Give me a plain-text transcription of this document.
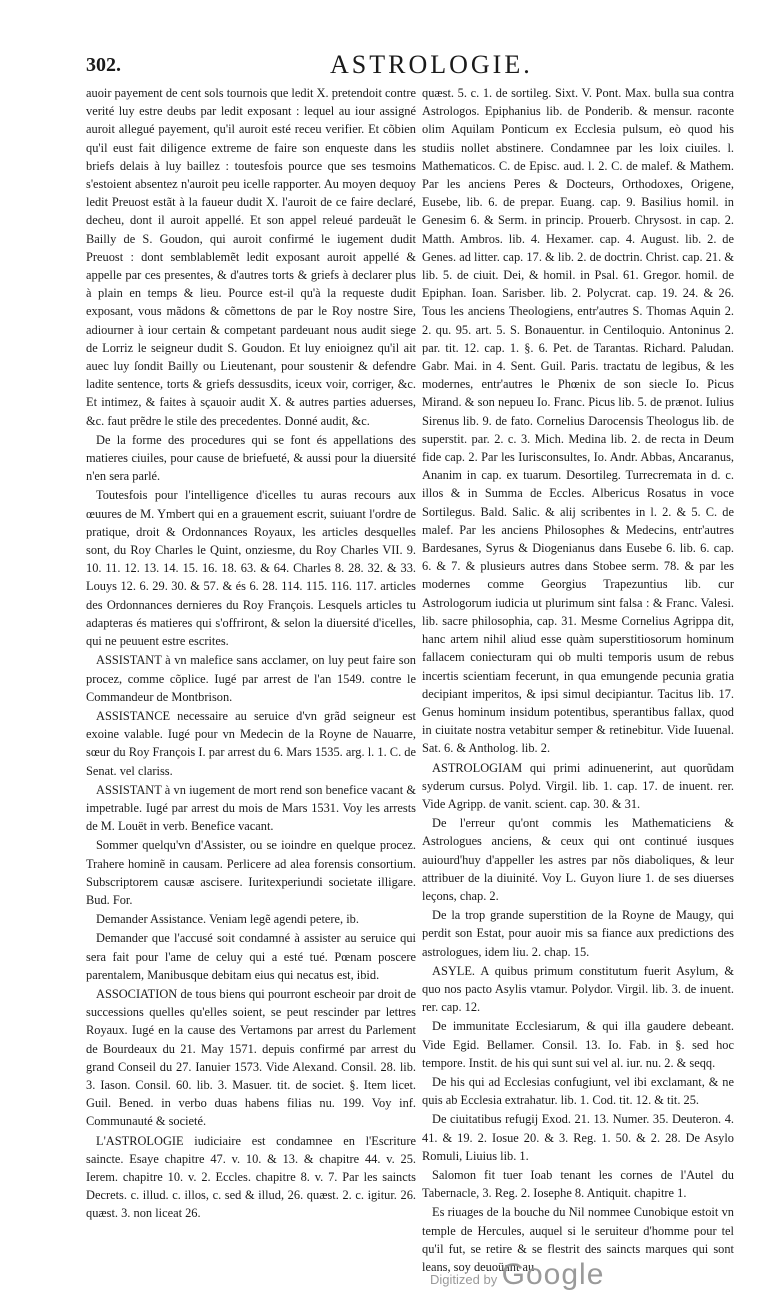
302.	ASTROLOGIE.

auoir payement de cent sols tournois que ledit X. pretendoit contre verité luy estre deubs par ledit exposant : lequel au iour assigné auroit allegué payement, qu'il auroit esté receu verifier. Et cõbien qu'il eust fait diligence extreme de faire son enqueste dans les briefs delais à luy baillez : toutesfois pource que ses tesmoins s'estoient absentez n'auroit peu icelle rapporter. Au moyen dequoy ledit Preuost estãt à la faueur dudit X. l'auroit de ce faire declaré, decheu, dont il auroit appellé. Et son appel releué pardeuãt le Bailly de S. Goudon, qui auroit confirmé le iugement dudit Preuost : dont semblablemẽt ledit exposant auroit appellé & appelle par ces presentes, & d'autres torts & griefs à declarer plus à plain en temps & lieu. Pource est-il qu'à la requeste dudit exposant, vous mãdons & cõmettons de par le Roy nostre Sire, adiourner à iour certain & competant pardeuant nous audit siege de Lorriz le seigneur dudit S. Goudon. Et luy enioignez qu'il ait auec luy ſondit Bailly ou Lieutenant, pour soustenir & defendre ladite sentence, torts & griefs dessusdits, iceux voir, corriger, &c. Et intimez, & faites à sçauoir audit X. & autres parties aduerses, &c. faut prẽdre le stile des precedentes. Donné audit, &c.

De la forme des procedures qui se font és appellations des matieres ciuiles, pour cause de briefueté, & aussi pour la diuersité n'en sera parlé.

Toutesfois pour l'intelligence d'icelles tu auras recours aux œuures de M. Ymbert qui en a grauement escrit, suiuant l'ordre de pratique, droit & Ordonnances Royaux, les articles desquelles sont, du Roy Charles le Quint, onziesme, du Roy Charles VII. 9. 10. 11. 12. 13. 14. 15. 16. 18. 63. & 64. Charles 8. 28. 32. & 33. Louys 12. 6. 29. 30. & 57. & és 6. 28. 114. 115. 116. 117. articles des Ordonnances dernieres du Roy François. Lesquels articles tu adapteras és matieres qui s'offriront, & selon la diuersité d'icelles, qui ne peuuent estre escrites.

ASSISTANT à vn malefice sans acclamer, on luy peut faire son procez, comme cõplice. Iugé par arrest de l'an 1549. contre le Commandeur de Montbrison.

ASSISTANCE necessaire au seruice d'vn grãd seigneur est exoine valable. Iugé pour vn Medecin de la Royne de Nauarre, sœur du Roy François I. par arrest du 6. Mars 1535. arg. l. 1. C. de Senat. vel clariss.

ASSISTANT à vn iugement de mort rend son benefice vacant & impetrable. Iugé par arrest du mois de Mars 1531. Voy les arrests de M. Louët in verb. Benefice vacant.

Sommer quelqu'vn d'Assister, ou se ioindre en quelque procez. Trahere hominẽ in causam. Perlicere ad alea forensis consortium. Subscriptorem causæ ascisere. Iuritexperiundi societate illigare. Bud. For.

Demander Assistance. Veniam legẽ agendi petere, ib.

Demander que l'accusé soit condamné à assister au seruice qui sera fait pour l'ame de celuy qui a esté tué. Pœnam poscere parentalem, Manibusque debitam eius qui necatus est, ibid.

ASSOCIATION de tous biens qui pourront escheoir par droit de successions quelles qu'elles soient, se peut rescinder par lettres Royaux. Iugé en la cause des Vertamons par arrest du Parlement de Bourdeaux du 21. May 1571. depuis confirmé par arrest du grand Conseil du 27. Ianuier 1573. Vide Alexand. Consil. 28. lib. 3. Iason. Consil. 60. lib. 3. Masuer. tit. de societ. §. Item licet. Guil. Bened. in verbo duas habens filias nu. 199. Voy inf. Communauté & societé.

L'ASTROLOGIE iudiciaire est condamnee en l'Escriture saincte. Esaye chapitre 47. v. 10. & 13. & chapitre 44. v. 25. Ierem. chapitre 10. v. 2. Eccles. chapitre 8. v. 7. Par les saincts Decrets. c. illud. c. illos, c. sed & illud, 26. quæst. 2. c. igitur. 26. quæst. 3. non liceat 26.

quæst. 5. c. 1. de sortileg. Sixt. V. Pont. Max. bulla sua contra Astrologos. Epiphanius lib. de Ponderib. & mensur. raconte olim Aquilam Ponticum ex Ecclesia pulsum, eò quod his studiis nollet abstinere. Condamnee par les loix ciuiles. l. Mathematicos. C. de Episc. aud. l. 2. C. de malef. & Mathem. Par les anciens Peres & Docteurs, Orthodoxes, Origene, Eusebe, lib. 6. de prepar. Euang. cap. 9. Basilius homil. in Genesim 6. & Serm. in princip. Prouerb. Chrysost. in cap. 2. Matth. Ambros. lib. 4. Hexamer. cap. 4. August. lib. 2. de Genes. ad litter. cap. 17. & lib. 2. de doctrin. Christ. cap. 21. & lib. 5. de ciuit. Dei, & homil. in Psal. 61. Gregor. homil. de Epiphan. Ioan. Sarisber. lib. 2. Polycrat. cap. 19. 24. & 26. Tous les anciens Theologiens, entr'autres S. Thomas Aquin 2. 2. qu. 95. art. 5. S. Bonauentur. in Centiloquio. Antoninus 2. par. tit. 12. cap. 1. §. 6. Pet. de Tarantas. Richard. Paludan. Gabr. Mai. in 4. Sent. Guil. Paris. tractatu de legibus, & les modernes, entr'autres le Phœnix de son siecle Io. Picus Mirand. & son nepueu Io. Franc. Picus lib. 5. de prænot. Iulius Sirenus lib. 9. de fato. Cornelius Darocensis Theologus lib. de superstit. par. 2. c. 3. Mich. Medina lib. 2. de recta in Deum fide cap. 2. Par les Iurisconsultes, Io. Andr. Abbas, Ancaranus, Ananim in cap. ex tuarum. Desortileg. Turrecremata in d. c. illos & in Summa de Eccles. Albericus Rosatus in voce Sortilegus. Bald. Salic. & alij scribentes in l. 2. & 5. C. de malef. Par les anciens Philosophes & Medecins, entr'autres Bardesanes, Syrus & Diogenianus dans Eusebe 6. lib. 6. cap. 6. & 7. & plusieurs autres dans Stobee serm. 78. & par les modernes comme Georgius Trapezuntius lib. cur Astrologorum iudicia ut plurimum sint falsa : & Franc. Valesi. lib. sacre philosophia, cap. 31. Mesme Cornelius Agrippa dit, hanc artem nihil aliud esse quàm superstitiosorum hominum fallacem coniecturam qui ob multi temporis usum de rebus incertis scientiam fecerunt, in qua emungende pecunia gratia decipiant imperitos, & ipsi simul decipiantur. Tacitus lib. 17. Genus hominum insidum potentibus, sperantibus fallax, quod in ciuitate nostra vetabitur semper & retinebitur. Vide Iuuenal. Sat. 6. & Antholog. lib. 2.

ASTROLOGIAM qui primi adinuenerint, aut quorũdam syderum cursus. Polyd. Virgil. lib. 1. cap. 17. de inuent. rer. Vide Agripp. de vanit. scient. cap. 30. & 31.

De l'erreur qu'ont commis les Mathematiciens & Astrologues anciens, & ceux qui ont continué iusques auiourd'huy d'appeller les astres par nõs diaboliques, & leur attribuer de la diuinité. Voy L. Guyon liure 1. de ses diuerses leçons, chap. 2.

De la trop grande superstition de la Royne de Maugy, qui perdit son Estat, pour auoir mis sa fiance aux predictions des astrologues, idem liu. 2. chap. 15.

ASYLE. A quibus primum constitutum fuerit Asylum, & quo nos pacto Asylis vtamur. Polydor. Virgil. lib. 3. de inuent. rer. cap. 12.

De immunitate Ecclesiarum, & qui illa gaudere debeant. Vide Egid. Bellamer. Consil. 13. Io. Fab. in §. sed hoc tempore. Instit. de his qui sunt sui vel al. iur. nu. 2. & seqq.

De his qui ad Ecclesias confugiunt, vel ibi exclamant, & ne quis ab Ecclesia extrahatur. lib. 1. Cod. tit. 12. & tit. 25.

De ciuitatibus refugij Exod. 21. 13. Numer. 35. Deuteron. 4. 41. & 19. 2. Iosue 20. & 3. Reg. 1. 50. & 2. 28. De Asylo Romuli, Liuius lib. 1.

Salomon fit tuer Ioab tenant les cornes de l'Autel du Tabernacle, 3. Reg. 2. Iosephe 8. Antiquit. chapitre 1.

Es riuages de la bouche du Nil nommee Cunobique estoit vn temple de Hercules, auquel si le seruiteur d'homme pour tel qu'il fut, se retire & se flestrit des saincts marques qui sont leans, soy deuoüant au

Digitized by Google
